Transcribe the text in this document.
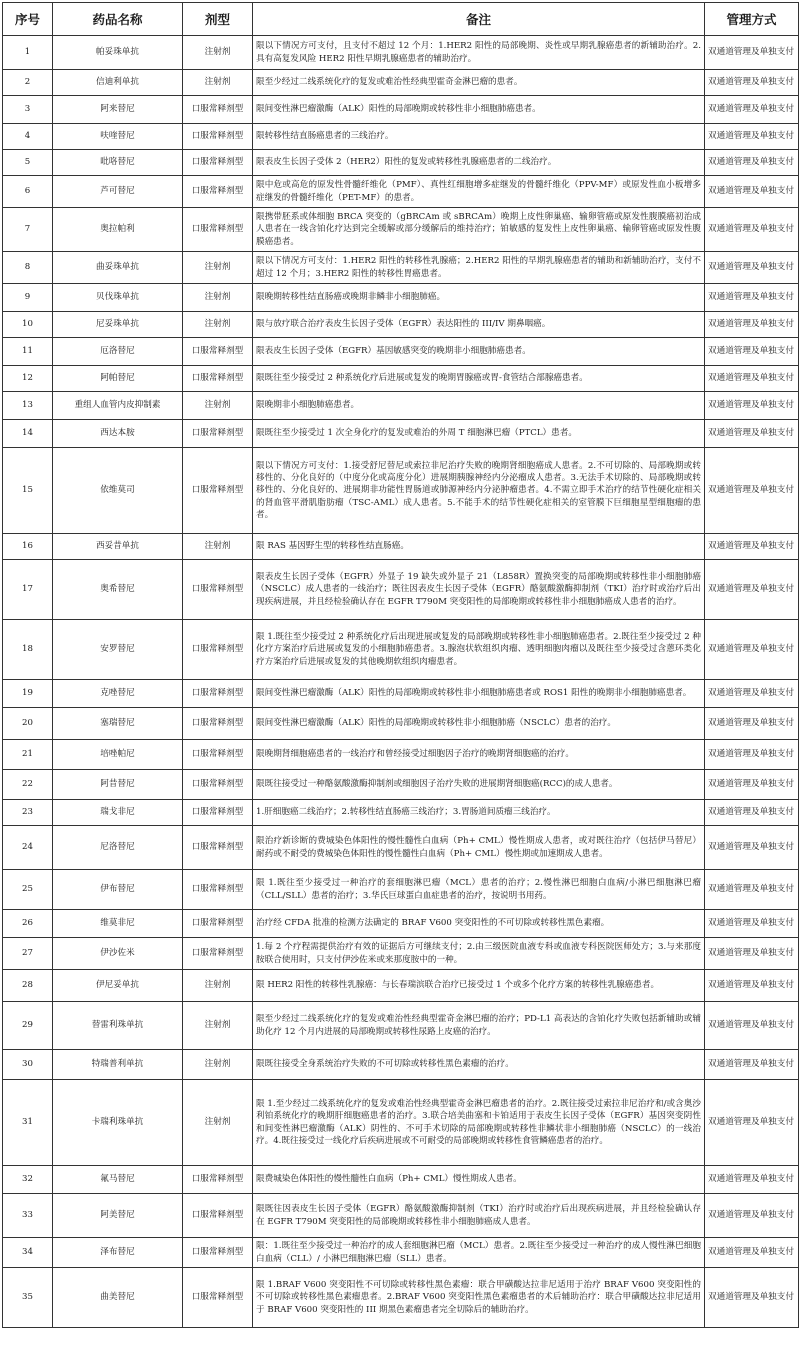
序号	药品名称	剂型	备注	管理方式
1	帕妥珠单抗	注射剂	限以下情况方可支付，且支付不超过 12 个月：1.HER2 阳性的局部晚期、炎性或早期乳腺癌患者的新辅助治疗。2.具有高复发风险 HER2 阳性早期乳腺癌患者的辅助治疗。	双通道管理及单独支付
2	信迪利单抗	注射剂	限至少经过二线系统化疗的复发或难治性经典型霍奇金淋巴瘤的患者。	双通道管理及单独支付
3	阿来替尼	口服常释剂型	限间变性淋巴瘤激酶（ALK）阳性的局部晚期或转移性非小细胞肺癌患者。	双通道管理及单独支付
4	呋喹替尼	口服常释剂型	限转移性结直肠癌患者的三线治疗。	双通道管理及单独支付
5	吡咯替尼	口服常释剂型	限表皮生长因子受体 2（HER2）阳性的复发或转移性乳腺癌患者的二线治疗。	双通道管理及单独支付
6	芦可替尼	口服常释剂型	限中危或高危的原发性骨髓纤维化（PMF）、真性红细胞增多症继发的骨髓纤维化（PPV-MF）或原发性血小板增多症继发的骨髓纤维化（PET-MF）的患者。	双通道管理及单独支付
7	奥拉帕利	口服常释剂型	限携带胚系或体细胞 BRCA 突变的（gBRCAm 或 sBRCAm）晚期上皮性卵巢癌、输卵管癌或原发性腹膜癌初治成人患者在一线含铂化疗达到完全缓解或部分缓解后的维持治疗；铂敏感的复发性上皮性卵巢癌、输卵管癌或原发性腹膜癌患者。	双通道管理及单独支付
8	曲妥珠单抗	注射剂	限以下情况方可支付：1.HER2 阳性的转移性乳腺癌；2.HER2 阳性的早期乳腺癌患者的辅助和新辅助治疗，支付不超过 12 个月；3.HER2 阳性的转移性胃癌患者。	双通道管理及单独支付
9	贝伐珠单抗	注射剂	限晚期转移性结直肠癌或晚期非鳞非小细胞肺癌。	双通道管理及单独支付
10	尼妥珠单抗	注射剂	限与放疗联合治疗表皮生长因子受体（EGFR）表达阳性的 III/IV 期鼻咽癌。	双通道管理及单独支付
11	厄洛替尼	口服常释剂型	限表皮生长因子受体（EGFR）基因敏感突变的晚期非小细胞肺癌患者。	双通道管理及单独支付
12	阿帕替尼	口服常释剂型	限既往至少接受过 2 种系统化疗后进展或复发的晚期胃腺癌或胃-食管结合部腺癌患者。	双通道管理及单独支付
13	重组人血管内皮抑制素	注射剂	限晚期非小细胞肺癌患者。	双通道管理及单独支付
14	西达本胺	口服常释剂型	限既往至少接受过 1 次全身化疗的复发或难治的外周 T 细胞淋巴瘤（PTCL）患者。	双通道管理及单独支付
15	依维莫司	口服常释剂型	限以下情况方可支付：1.接受舒尼替尼或索拉非尼治疗失败的晚期肾细胞癌成人患者。2.不可切除的、局部晚期或转移性的、分化良好的（中度分化或高度分化）进展期胰腺神经内分泌瘤成人患者。3.无法手术切除的、局部晚期或转移性的、分化良好的、进展期非功能性胃肠道或肺源神经内分泌肿瘤患者。4.不需立即手术治疗的结节性硬化症相关的肾血管平滑肌脂肪瘤（TSC-AML）成人患者。5.不能手术的结节性硬化症相关的室管膜下巨细胞星型细胞瘤的患者。	双通道管理及单独支付
16	西妥昔单抗	注射剂	限 RAS 基因野生型的转移性结直肠癌。	双通道管理及单独支付
17	奥希替尼	口服常释剂型	限表皮生长因子受体（EGFR）外显子 19 缺失或外显子 21（L858R）置换突变的局部晚期或转移性非小细胞肺癌（NSCLC）成人患者的一线治疗；既往因表皮生长因子受体（EGFR）酪氨酸激酶抑制剂（TKI）治疗时或治疗后出现疾病进展，并且经检验确认存在 EGFR T790M 突变阳性的局部晚期或转移性非小细胞肺癌成人患者的治疗。	双通道管理及单独支付
18	安罗替尼	口服常释剂型	限 1.既往至少接受过 2 种系统化疗后出现进展或复发的局部晚期或转移性非小细胞肺癌患者。2.既往至少接受过 2 种化疗方案治疗后进展或复发的小细胞肺癌患者。3.腺泡状软组织肉瘤、透明细胞肉瘤以及既往至少接受过含蒽环类化疗方案治疗后进展或复发的其他晚期软组织肉瘤患者。	双通道管理及单独支付
19	克唑替尼	口服常释剂型	限间变性淋巴瘤激酶（ALK）阳性的局部晚期或转移性非小细胞肺癌患者或 ROS1 阳性的晚期非小细胞肺癌患者。	双通道管理及单独支付
20	塞瑞替尼	口服常释剂型	限间变性淋巴瘤激酶（ALK）阳性的局部晚期或转移性非小细胞肺癌（NSCLC）患者的治疗。	双通道管理及单独支付
21	培唑帕尼	口服常释剂型	限晚期肾细胞癌患者的一线治疗和曾经接受过细胞因子治疗的晚期肾细胞癌的治疗。	双通道管理及单独支付
22	阿昔替尼	口服常释剂型	限既往接受过一种酪氨酸激酶抑制剂或细胞因子治疗失败的进展期肾细胞癌(RCC)的成人患者。	双通道管理及单独支付
23	瑞戈非尼	口服常释剂型	1.肝细胞癌二线治疗；2.转移性结直肠癌三线治疗；3.胃肠道间质瘤三线治疗。	双通道管理及单独支付
24	尼洛替尼	口服常释剂型	限治疗新诊断的费城染色体阳性的慢性髓性白血病（Ph+ CML）慢性期成人患者，或对既往治疗（包括伊马替尼）耐药或不耐受的费城染色体阳性的慢性髓性白血病（Ph+ CML）慢性期或加速期成人患者。	双通道管理及单独支付
25	伊布替尼	口服常释剂型	限 1.既往至少接受过一种治疗的套细胞淋巴瘤（MCL）患者的治疗；2.慢性淋巴细胞白血病/小淋巴细胞淋巴瘤（CLL/SLL）患者的治疗；3.华氏巨球蛋白血症患者的治疗，按说明书用药。	双通道管理及单独支付
26	维莫非尼	口服常释剂型	治疗经 CFDA 批准的检测方法确定的 BRAF V600 突变阳性的不可切除或转移性黑色素瘤。	双通道管理及单独支付
27	伊沙佐米	口服常释剂型	1.每 2 个疗程需提供治疗有效的证据后方可继续支付；2.由三级医院血液专科或血液专科医院医师处方；3.与来那度胺联合使用时，只支付伊沙佐米或来那度胺中的一种。	双通道管理及单独支付
28	伊尼妥单抗	注射剂	限 HER2 阳性的转移性乳腺癌：与长春瑞滨联合治疗已接受过 1 个或多个化疗方案的转移性乳腺癌患者。	双通道管理及单独支付
29	替雷利珠单抗	注射剂	限至少经过二线系统化疗的复发或难治性经典型霍奇金淋巴瘤的治疗；PD-L1 高表达的含铂化疗失败包括新辅助或辅助化疗 12 个月内进展的局部晚期或转移性尿路上皮癌的治疗。	双通道管理及单独支付
30	特瑞普利单抗	注射剂	限既往接受全身系统治疗失败的不可切除或转移性黑色素瘤的治疗。	双通道管理及单独支付
31	卡瑞利珠单抗	注射剂	限 1.至少经过二线系统化疗的复发或难治性经典型霍奇金淋巴瘤患者的治疗。2.既往接受过索拉非尼治疗和/或含奥沙利铂系统化疗的晚期肝细胞癌患者的治疗。3.联合培美曲塞和卡铂适用于表皮生长因子受体（EGFR）基因突变阴性和间变性淋巴瘤激酶（ALK）阴性的、不可手术切除的局部晚期或转移性非鳞状非小细胞肺癌（NSCLC）的一线治疗。4.既往接受过一线化疗后疾病进展或不可耐受的局部晚期或转移性食管鳞癌患者的治疗。	双通道管理及单独支付
32	氟马替尼	口服常释剂型	限费城染色体阳性的慢性髓性白血病（Ph+ CML）慢性期成人患者。	双通道管理及单独支付
33	阿美替尼	口服常释剂型	限既往因表皮生长因子受体（EGFR）酪氨酸激酶抑制剂（TKI）治疗时或治疗后出现疾病进展，并且经检验确认存在 EGFR T790M 突变阳性的局部晚期或转移性非小细胞肺癌成人患者。	双通道管理及单独支付
34	泽布替尼	口服常释剂型	限：1.既往至少接受过一种治疗的成人套细胞淋巴瘤（MCL）患者。2.既往至少接受过一种治疗的成人慢性淋巴细胞白血病（CLL）/ 小淋巴细胞淋巴瘤（SLL）患者。	双通道管理及单独支付
35	曲美替尼	口服常释剂型	限 1.BRAF V600 突变阳性不可切除或转移性黑色素瘤：联合甲磺酸达拉非尼适用于治疗 BRAF V600 突变阳性的不可切除或转移性黑色素瘤患者。2.BRAF V600 突变阳性黑色素瘤患者的术后辅助治疗：联合甲磺酸达拉非尼适用于 BRAF V600 突变阳性的 III 期黑色素瘤患者完全切除后的辅助治疗。	双通道管理及单独支付
